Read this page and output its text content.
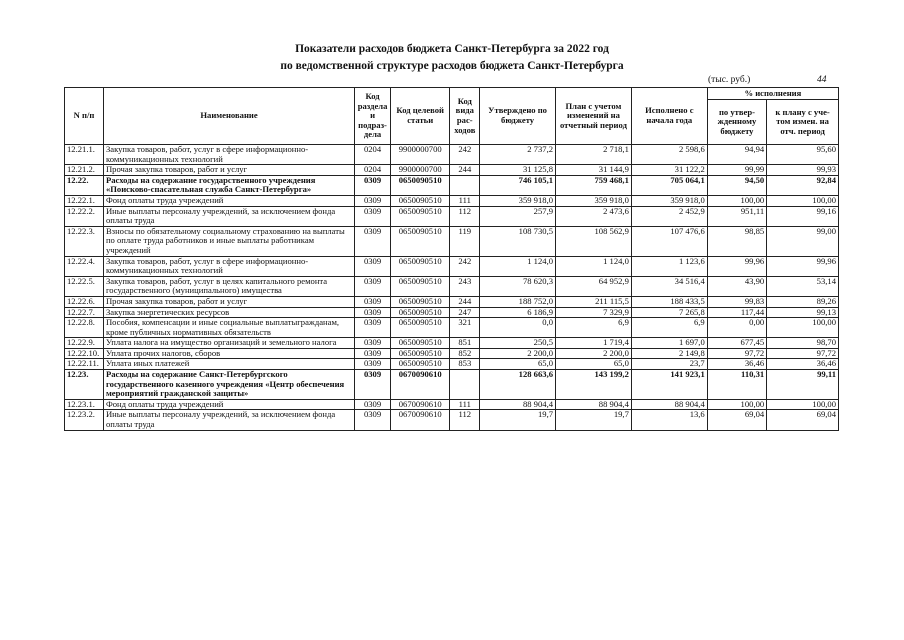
Показатели расходов бюджета Санкт-Петербурга за 2022 год
по ведомственной структуре расходов бюджета Санкт-Петербурга
(тыс. руб.)	44
N п/п	Наименование	Код раздела и подраз-дела	Код целевой статьи	Код вида рас-ходов	Утверждено по бюджету	План с учетом изменений на отчетный период	Исполнено с начала года	% исполнения	
								по утвер-жденному бюджету	к плану с уче-том измен. на отч. период
12.21.1.	Закупка товаров, работ, услуг в сфере информационно-коммуникационных технологий	0204	9900000700	242	2 737,2	2 718,1	2 598,6	94,94	95,60
12.21.2.	Прочая закупка товаров, работ и услуг	0204	9900000700	244	31 125,8	31 144,9	31 122,2	99,99	99,93
12.22.	Расходы на содержание государственного учреждения «Поисково-спасательная служба Санкт-Петербурга»	0309	0650090510		746 105,1	759 468,1	705 064,1	94,50	92,84
12.22.1.	Фонд оплаты труда учреждений	0309	0650090510	111	359 918,0	359 918,0	359 918,0	100,00	100,00
12.22.2.	Иные выплаты персоналу учреждений, за исключением фонда оплаты труда	0309	0650090510	112	257,9	2 473,6	2 452,9	951,11	99,16
12.22.3.	Взносы по обязательному социальному страхованию на выплаты по оплате труда работников и иные выплаты работникам учреждений	0309	0650090510	119	108 730,5	108 562,9	107 476,6	98,85	99,00
12.22.4.	Закупка товаров, работ, услуг в сфере информационно-коммуникационных технологий	0309	0650090510	242	1 124,0	1 124,0	1 123,6	99,96	99,96
12.22.5.	Закупка товаров, работ, услуг в целях капитального ремонта государственного (муниципального) имущества	0309	0650090510	243	78 620,3	64 952,9	34 516,4	43,90	53,14
12.22.6.	Прочая закупка товаров, работ и услуг	0309	0650090510	244	188 752,0	211 115,5	188 433,5	99,83	89,26
12.22.7.	Закупка энергетических ресурсов	0309	0650090510	247	6 186,9	7 329,9	7 265,8	117,44	99,13
12.22.8.	Пособия, компенсации и иные социальные выплатыгражданам, кроме публичных нормативных обязательств	0309	0650090510	321	0,0	6,9	6,9	0,00	100,00
12.22.9.	Уплата налога на имущество организаций и земельного налога	0309	0650090510	851	250,5	1 719,4	1 697,0	677,45	98,70
12.22.10.	Уплата прочих налогов, сборов	0309	0650090510	852	2 200,0	2 200,0	2 149,8	97,72	97,72
12.22.11.	Уплата иных платежей	0309	0650090510	853	65,0	65,0	23,7	36,46	36,46
12.23.	Расходы на содержание Санкт-Петербургского государственного казенного учреждения «Центр обеспечения мероприятий гражданской защиты»	0309	0670090610		128 663,6	143 199,2	141 923,1	110,31	99,11
12.23.1.	Фонд оплаты труда учреждений	0309	0670090610	111	88 904,4	88 904,4	88 904,4	100,00	100,00
12.23.2.	Иные выплаты персоналу учреждений, за исключением фонда оплаты труда	0309	0670090610	112	19,7	19,7	13,6	69,04	69,04
